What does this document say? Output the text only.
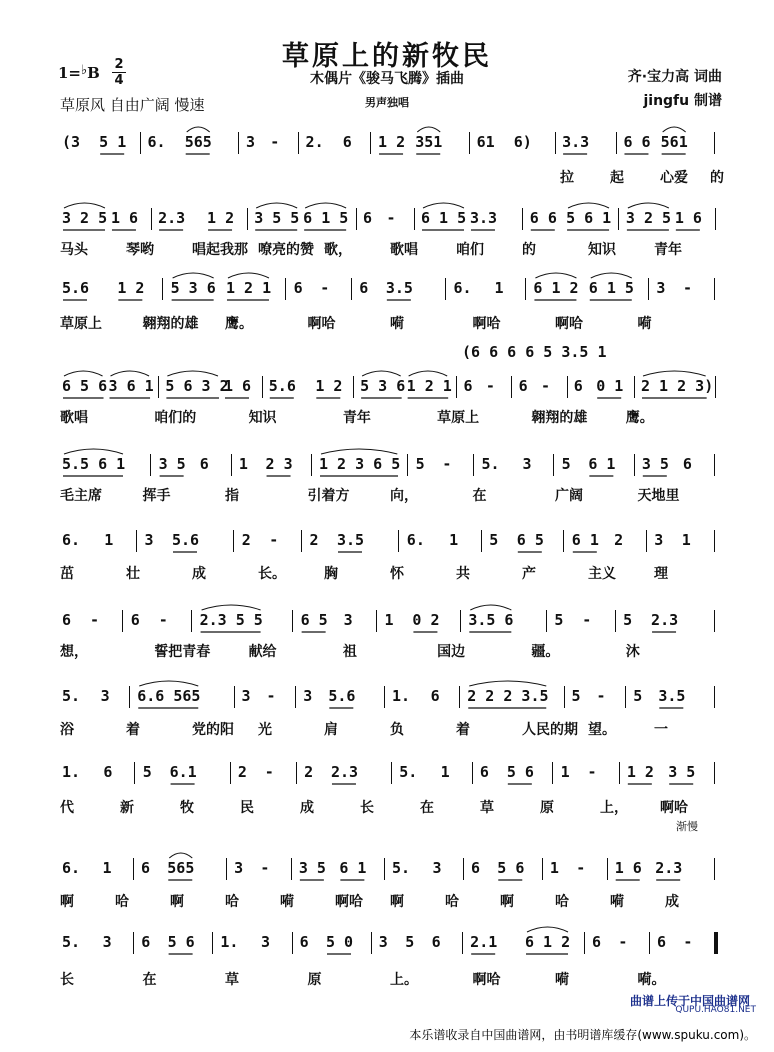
草原上的新牧民
1=♭B 2
4	木偶片《骏马飞腾》插曲
男声独唱
草原风 自由广阔 慢速
齐·宝力高 词曲
jingfu 制谱
(3 5 1 6. 565 3 - 2. 6 1 2 351 61 6) 3.3 6 6 561
拉	起	心爱 的
3 2 5 1 6 2.3 1 2 3 5 5 6 1 5 6 - 6 1 5 3.3 6 6 5 6 1 3 2 5 1 6
马头	琴哟	唱起我那 嘹亮的赞 歌，	歌唱	咱们	的	知识	青年
5.6 1 2 5 3 6 1 2 1 6 - 6 3.5	6. 1 6 1 2 6 1 5 3 -
草原上	翱翔的雄 鹰。	啊哈	嗬	啊哈	啊哈	嗬
6 5 6 3 6 1 5 6 3 2
1 6 5.6 1 2 5 3 6 1 2 1 6 - 6 - 6 0 1 2 1 2 3)
(6 6 6 6 5 3.5 1
歌唱	咱们的	知识	青年	草原上	翱翔的雄	鹰。
5.5 6 1 3 5 6 1 2 3 1 2 3 6 5 5 - 5. 3 5 6 1 3 5 6
毛主席	挥手	指	引着方	向，	在	广阔	天地里
6. 1 3 5.6	2 - 2 3.5	6. 1 5 6 5 6 1 2 3 1
茁	壮	成	长。	胸	怀	共	产	主义	理
6 - 6 - 2.3 5 5	6 5 3 1 0 2 3.5 6	5 - 5 2.3
想，	誓把青春	献给	祖	国边	疆。	沐
5. 3 6.6 565	3 - 3 5.6 1. 6 2 2 2 3.5 5 - 5 3.5
浴	着	党的阳 光	肩	负	着	人民的期 望。	一
1. 6 5 6.1	2 - 2 2.3	5. 1 6 5 6 1 - 1 2 3 5
代	新	牧	民	成	长	在	草	原	上， 啊哈
6. 1 6 565	3 - 3 5 6 1 5. 3 6 5 6 1 - 1 6 2.3
啊	哈	啊	哈	嗬	啊哈 啊	哈	啊	哈	嗬	成
5. 3 6 5 6 1. 3 6 5 0 3 5 6 2.1 6 1 2 6 - 6 -
长	在	草	原	上。	啊哈	嗬	嗬。
渐慢
曲谱上传于中国曲谱网
QUPU.HAO81.NET
本乐谱收录自中国曲谱网，由书明谱库缓存(www.spuku.com)。
